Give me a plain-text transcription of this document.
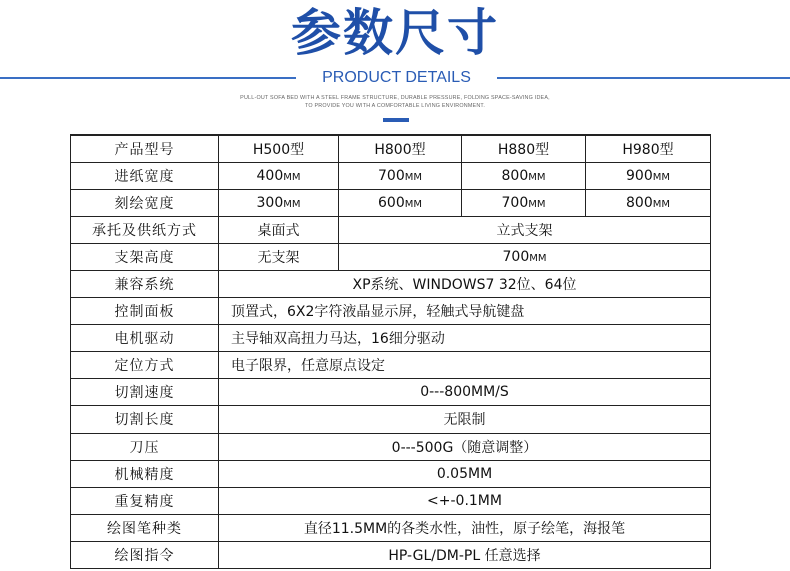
参数尺寸
PRODUCT DETAILS
PULL-OUT SOFA BED WITH A STEEL FRAME STRUCTURE, DURABLE PRESSURE, FOLDING SPACE-SAVING IDEA,
TO PROVIDE YOU WITH A COMFORTABLE LIVING ENVIRONMENT.
产品型号	H500型	H800型	H880型	H980型
进纸宽度	400mm	700mm	800mm	900mm
刻绘宽度	300mm	600mm	700mm	800mm
承托及供纸方式	桌面式	立式支架		
支架高度	无支架	700mm		
兼容系统	XP系统、WINDOWS7 32位、64位			
控制面板	顶置式，6X2字符液晶显示屏，轻触式导航键盘			
电机驱动	主导轴双高扭力马达，16细分驱动			
定位方式	电子限界，任意原点设定			
切割速度	0---800MM/S			
切割长度	无限制			
刀压	0---500G（随意调整）			
机械精度	0.05MM			
重复精度	<+-0.1MM			
绘图笔种类	直径11.5MM的各类水性，油性，原子绘笔，海报笔			
绘图指令	HP-GL/DM-PL 任意选择			
